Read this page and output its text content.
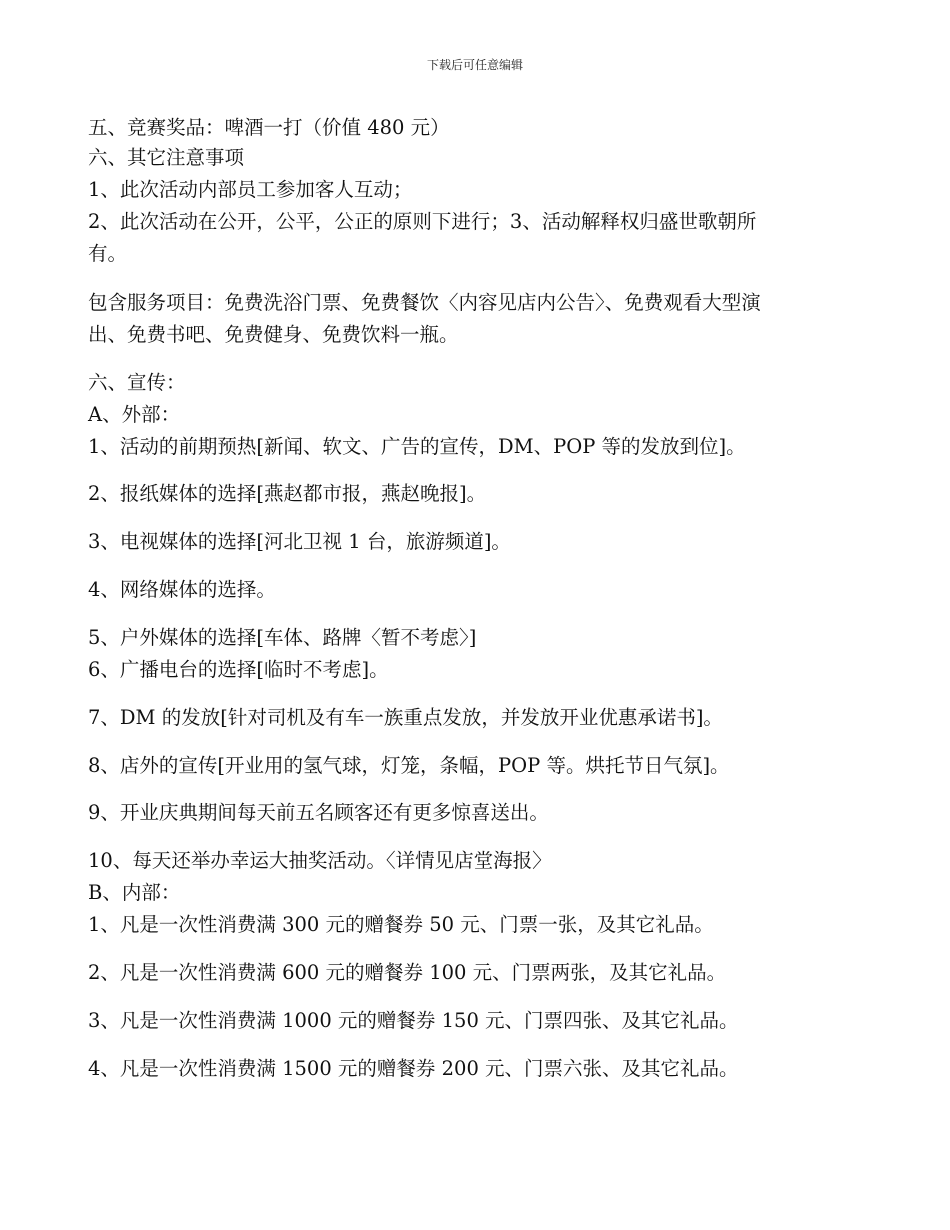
下载后可任意编辑
五、竞赛奖品：啤酒一打（价值 480 元）
六、其它注意事项
1、此次活动内部员工参加客人互动；
2、此次活动在公开，公平，公正的原则下进行；3、活动解释权归盛世歌朝所
有。
包含服务项目：免费洗浴门票、免费餐饮〈内容见店内公告〉、免费观看大型演
出、免费书吧、免费健身、免费饮料一瓶。
六、宣传：
A、外部：
1、活动的前期预热[新闻、软文、广告的宣传，DM、POP 等的发放到位]。
2、报纸媒体的选择[燕赵都市报，燕赵晚报]。
3、电视媒体的选择[河北卫视 1 台，旅游频道]。
4、网络媒体的选择。
5、户外媒体的选择[车体、路牌〈暂不考虑〉]
6、广播电台的选择[临时不考虑]。
7、DM 的发放[针对司机及有车一族重点发放，并发放开业优惠承诺书]。
8、店外的宣传[开业用的氢气球，灯笼，条幅，POP 等。烘托节日气氛]。
9、开业庆典期间每天前五名顾客还有更多惊喜送出。
10、每天还举办幸运大抽奖活动。〈详情见店堂海报〉
B、内部：
1、凡是一次性消费满 300 元的赠餐券 50 元、门票一张，及其它礼品。
2、凡是一次性消费满 600 元的赠餐券 100 元、门票两张，及其它礼品。
3、凡是一次性消费满 1000 元的赠餐券 150 元、门票四张、及其它礼品。
4、凡是一次性消费满 1500 元的赠餐券 200 元、门票六张、及其它礼品。
